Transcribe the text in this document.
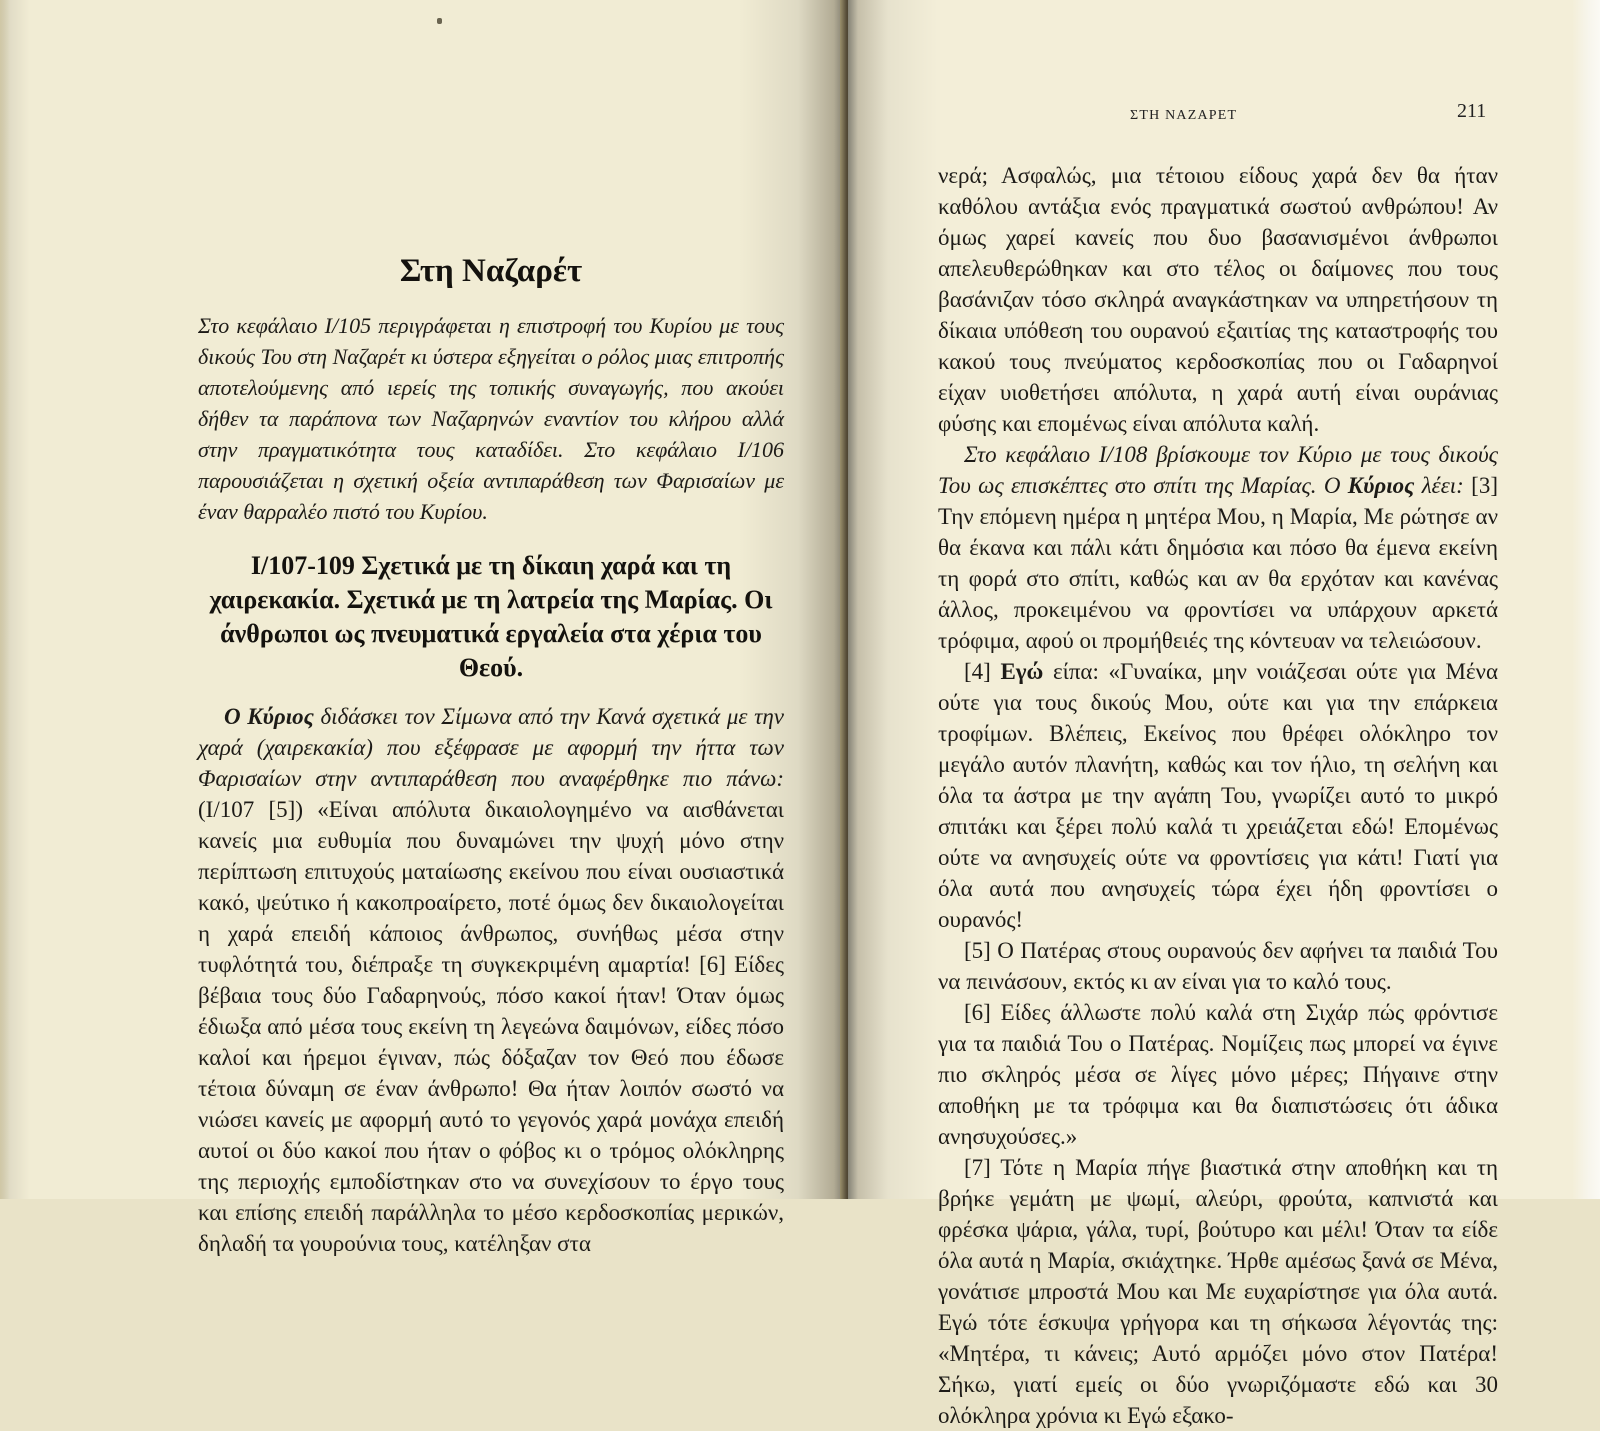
Στη Ναζαρέτ

Στο κεφάλαιο I/105 περιγράφεται η επιστροφή του Κυρίου με τους δικούς Του στη Ναζαρέτ κι ύστερα εξηγείται ο ρόλος μιας επιτροπής αποτελούμενης από ιερείς της τοπικής συναγωγής, που ακούει δήθεν τα παράπονα των Ναζαρηνών εναντίον του κλήρου αλλά στην πραγματικότητα τους καταδίδει. Στο κεφάλαιο I/106 παρουσιάζεται η σχετική οξεία αντιπαράθεση των Φαρισαίων με έναν θαρραλέο πιστό του Κυρίου.

I/107-109 Σχετικά με τη δίκαιη χαρά και τη χαιρεκακία. Σχετικά με τη λατρεία της Μαρίας. Οι άνθρωποι ως πνευματικά εργαλεία στα χέρια του Θεού.

O Κύριος διδάσκει τον Σίμωνα από την Κανά σχετικά με την χαρά (χαιρεκακία) που εξέφρασε με αφορμή την ήττα των Φαρισαίων στην αντιπαράθεση που αναφέρθηκε πιο πάνω: (I/107 [5]) «Είναι απόλυτα δικαιολογημένο να αισθάνεται κανείς μια ευθυμία που δυναμώνει την ψυχή μόνο στην περίπτωση επιτυχούς ματαίωσης εκείνου που είναι ουσιαστικά κακό, ψεύτικο ή κακοπροαίρετο, ποτέ όμως δεν δικαιολογείται η χαρά επειδή κάποιος άνθρωπος, συνήθως μέσα στην τυφλότητά του, διέπραξε τη συγκεκριμένη αμαρτία! [6] Είδες βέβαια τους δύο Γαδαρηνούς, πόσο κακοί ήταν! Όταν όμως έδιωξα από μέσα τους εκείνη τη λεγεώνα δαιμόνων, είδες πόσο καλοί και ήρεμοι έγιναν, πώς δόξαζαν τον Θεό που έδωσε τέτοια δύναμη σε έναν άνθρωπο! Θα ήταν λοιπόν σωστό να νιώσει κανείς με αφορμή αυτό το γεγονός χαρά μονάχα επειδή αυτοί οι δύο κακοί που ήταν ο φόβος κι ο τρόμος ολόκληρης της περιοχής εμποδίστηκαν στο να συνεχίσουν το έργο τους και επίσης επειδή παράλληλα το μέσο κερδοσκοπίας μερικών, δηλαδή τα γουρούνια τους, κατέληξαν στα

ΣΤΗ ΝΑΖΑΡΕΤ	211

νερά; Ασφαλώς, μια τέτοιου είδους χαρά δεν θα ήταν καθόλου αντάξια ενός πραγματικά σωστού ανθρώπου! Αν όμως χαρεί κανείς που δυο βασανισμένοι άνθρωποι απελευθερώθηκαν και στο τέλος οι δαίμονες που τους βασάνιζαν τόσο σκληρά αναγκάστηκαν να υπηρετήσουν τη δίκαια υπόθεση του ουρανού εξαιτίας της καταστροφής του κακού τους πνεύματος κερδοσκοπίας που οι Γαδαρηνοί είχαν υιοθετήσει απόλυτα, η χαρά αυτή είναι ουράνιας φύσης και επομένως είναι απόλυτα καλή.

Στο κεφάλαιο I/108 βρίσκουμε τον Κύριο με τους δικούς Του ως επισκέπτες στο σπίτι της Μαρίας. O Κύριος λέει: [3] Την επόμενη ημέρα η μητέρα Μου, η Μαρία, Με ρώτησε αν θα έκανα και πάλι κάτι δημόσια και πόσο θα έμενα εκείνη τη φορά στο σπίτι, καθώς και αν θα ερχόταν και κανένας άλλος, προκειμένου να φροντίσει να υπάρχουν αρκετά τρόφιμα, αφού οι προμήθειές της κόντευαν να τελειώσουν.

[4] Εγώ είπα: «Γυναίκα, μην νοιάζεσαι ούτε για Μένα ούτε για τους δικούς Μου, ούτε και για την επάρκεια τροφίμων. Βλέπεις, Εκείνος που θρέφει ολόκληρο τον μεγάλο αυτόν πλανήτη, καθώς και τον ήλιο, τη σελήνη και όλα τα άστρα με την αγάπη Του, γνωρίζει αυτό το μικρό σπιτάκι και ξέρει πολύ καλά τι χρειάζεται εδώ! Επομένως ούτε να ανησυχείς ούτε να φροντίσεις για κάτι! Γιατί για όλα αυτά που ανησυχείς τώρα έχει ήδη φροντίσει ο ουρανός!

[5] Ο Πατέρας στους ουρανούς δεν αφήνει τα παιδιά Του να πεινάσουν, εκτός κι αν είναι για το καλό τους.

[6] Είδες άλλωστε πολύ καλά στη Σιχάρ πώς φρόντισε για τα παιδιά Του ο Πατέρας. Νομίζεις πως μπορεί να έγινε πιο σκληρός μέσα σε λίγες μόνο μέρες; Πήγαινε στην αποθήκη με τα τρόφιμα και θα διαπιστώσεις ότι άδικα ανησυχούσες.»

[7] Τότε η Μαρία πήγε βιαστικά στην αποθήκη και τη βρήκε γεμάτη με ψωμί, αλεύρι, φρούτα, καπνιστά και φρέσκα ψάρια, γάλα, τυρί, βούτυρο και μέλι! Όταν τα είδε όλα αυτά η Μαρία, σκιάχτηκε. Ήρθε αμέσως ξανά σε Μένα, γονάτισε μπροστά Μου και Με ευχαρίστησε για όλα αυτά. Εγώ τότε έσκυψα γρήγορα και τη σήκωσα λέγοντάς της: «Μητέρα, τι κάνεις; Αυτό αρμόζει μόνο στον Πατέρα! Σήκω, γιατί εμείς οι δύο γνωριζόμαστε εδώ και 30 ολόκληρα χρόνια κι Εγώ εξακο-
